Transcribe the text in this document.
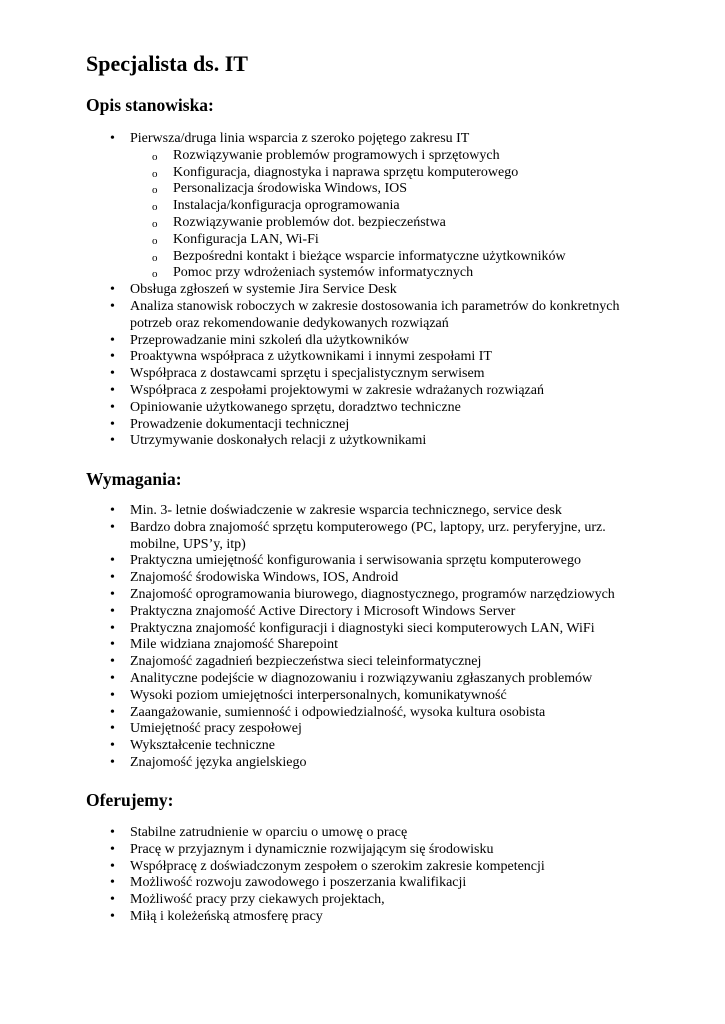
Specjalista ds. IT
Opis stanowiska:
• Pierwsza/druga linia wsparcia z szeroko pojętego zakresu IT
o Rozwiązywanie problemów programowych i sprzętowych
o Konfiguracja, diagnostyka i naprawa sprzętu komputerowego
o Personalizacja środowiska Windows, IOS
o Instalacja/konfiguracja oprogramowania
o Rozwiązywanie problemów dot. bezpieczeństwa
o Konfiguracja LAN, Wi-Fi
o Bezpośredni kontakt i bieżące wsparcie informatyczne użytkowników
o Pomoc przy wdrożeniach systemów informatycznych
• Obsługa zgłoszeń w systemie Jira Service Desk
• Analiza stanowisk roboczych w zakresie dostosowania ich parametrów do konkretnych potrzeb oraz rekomendowanie dedykowanych rozwiązań
• Przeprowadzanie mini szkoleń dla użytkowników
• Proaktywna współpraca z użytkownikami i innymi zespołami IT
• Współpraca z dostawcami sprzętu i specjalistycznym serwisem
• Współpraca z zespołami projektowymi w zakresie wdrażanych rozwiązań
• Opiniowanie użytkowanego sprzętu, doradztwo techniczne
• Prowadzenie dokumentacji technicznej
• Utrzymywanie doskonałych relacji z użytkownikami
Wymagania:
• Min. 3- letnie doświadczenie w zakresie wsparcia technicznego, service desk
• Bardzo dobra znajomość sprzętu komputerowego (PC, laptopy, urz. peryferyjne, urz. mobilne, UPS’y, itp)
• Praktyczna umiejętność konfigurowania i serwisowania sprzętu komputerowego
• Znajomość środowiska Windows, IOS, Android
• Znajomość oprogramowania biurowego, diagnostycznego, programów narzędziowych
• Praktyczna znajomość Active Directory i Microsoft Windows Server
• Praktyczna znajomość konfiguracji i diagnostyki sieci komputerowych LAN, WiFi
• Mile widziana znajomość Sharepoint
• Znajomość zagadnień bezpieczeństwa sieci teleinformatycznej
• Analityczne podejście w diagnozowaniu i rozwiązywaniu zgłaszanych problemów
• Wysoki poziom umiejętności interpersonalnych, komunikatywność
• Zaangażowanie, sumienność i odpowiedzialność, wysoka kultura osobista
• Umiejętność pracy zespołowej
• Wykształcenie techniczne
• Znajomość języka angielskiego
Oferujemy:
• Stabilne zatrudnienie w oparciu o umowę o pracę
• Pracę w przyjaznym i dynamicznie rozwijającym się środowisku
• Współpracę z doświadczonym zespołem o szerokim zakresie kompetencji
• Możliwość rozwoju zawodowego i poszerzania kwalifikacji
• Możliwość pracy przy ciekawych projektach,
• Miłą i koleżeńską atmosferę pracy
